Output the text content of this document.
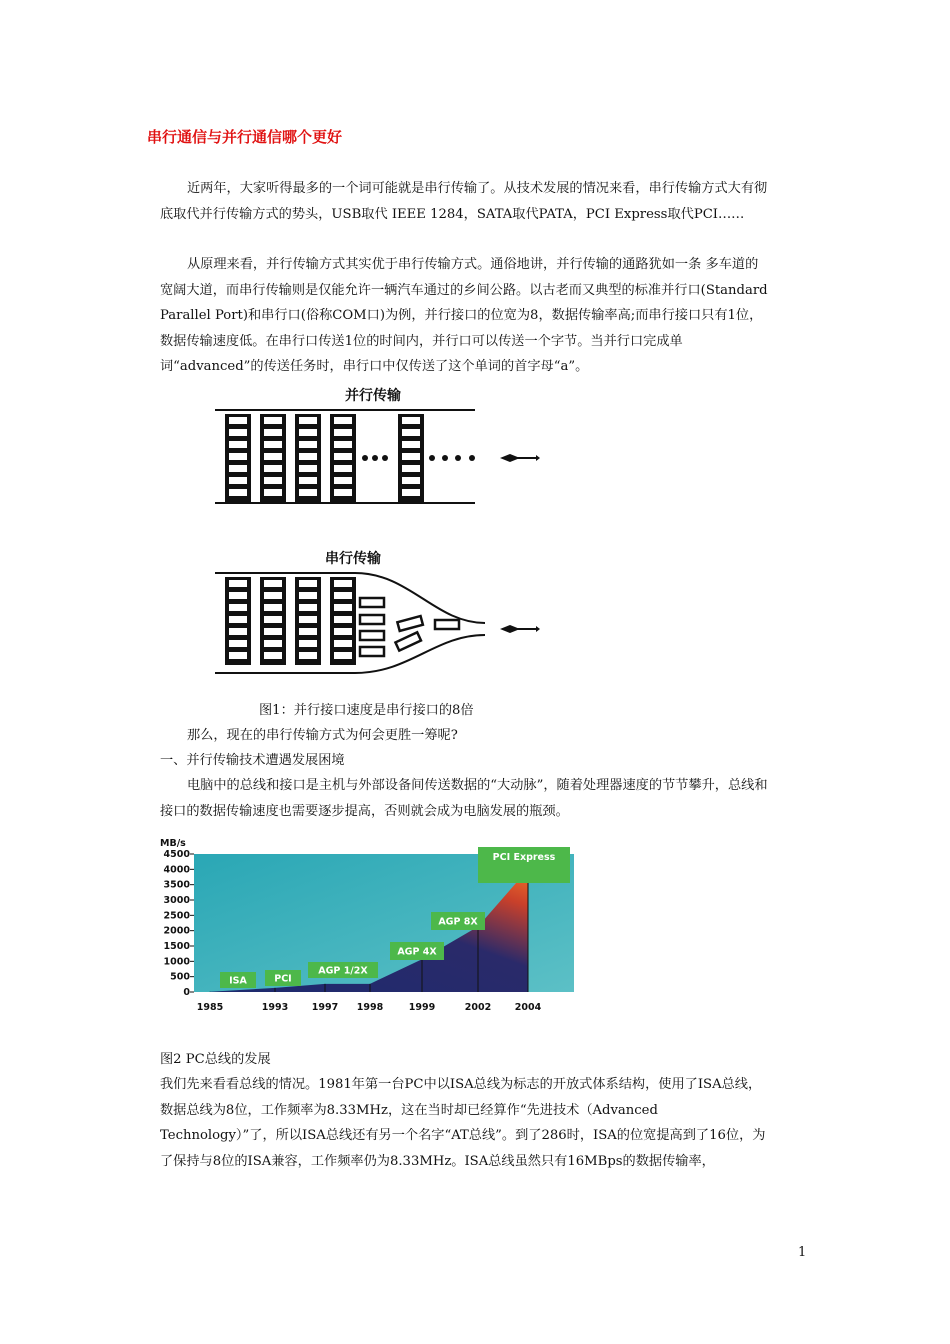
串行通信与并行通信哪个更好
近两年，大家听得最多的一个词可能就是串行传输了。从技术发展的情况来看，串行传输方式大有彻底取代并行传输方式的势头，USB取代 IEEE 1284，SATA取代PATA，PCI Express取代PCI……
从原理来看，并行传输方式其实优于串行传输方式。通俗地讲，并行传输的通路犹如一条 多车道的宽阔大道，而串行传输则是仅能允许一辆汽车通过的乡间公路。以古老而又典型的标准并行口(Standard Parallel Port)和串行口(俗称COM口)为例，并行接口的位宽为8，数据传输率高;而串行接口只有1位，数据传输速度低。在串行口传送1位的时间内，并行口可以传送一个字节。当并行口完成单词“advanced”的传送任务时，串行口中仅传送了这个单词的首字母“a”。
并行传输
串行传输
图1：并行接口速度是串行接口的8倍
那么，现在的串行传输方式为何会更胜一筹呢?
一、并行传输技术遭遇发展困境
电脑中的总线和接口是主机与外部设备间传送数据的“大动脉”，随着处理器速度的节节攀升，总线和接口的数据传输速度也需要逐步提高，否则就会成为电脑发展的瓶颈。
MB/s
0
500
1000
1500
2000
2500
3000
3500
4000
4500
1985	1993 1997 1998	1999	2002 2004
ISA	PCI
AGP 1/2X
AGP 4X
AGP 8X
PCI Express
图2 PC总线的发展
我们先来看看总线的情况。1981年第一台PC中以ISA总线为标志的开放式体系结构，使用了ISA总线，数据总线为8位，工作频率为8.33MHz，这在当时却已经算作“先进技术（Advanced Technology）”了，所以ISA总线还有另一个名字“AT总线”。到了286时，ISA的位宽提高到了16位，为了保持与8位的ISA兼容，工作频率仍为8.33MHz。ISA总线虽然只有16MBps的数据传输率，
1
